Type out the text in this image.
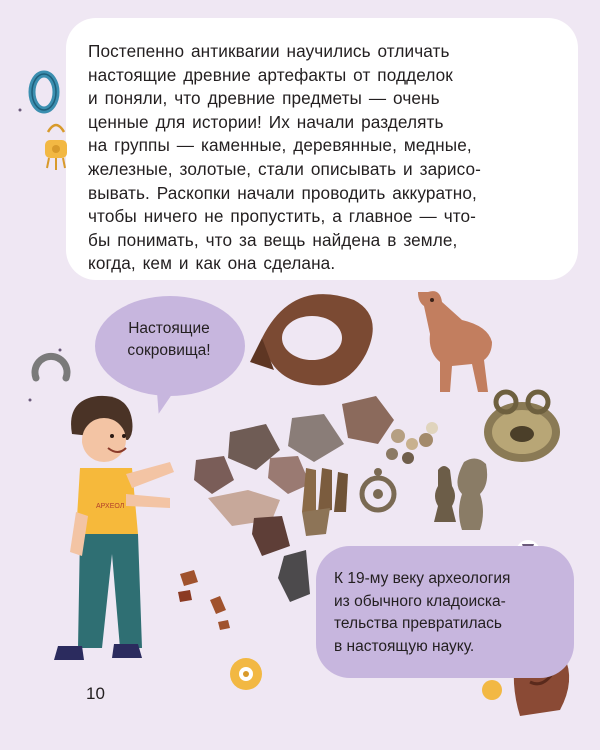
Постепенно антиквarии научились отличать
настоящие древние артефакты от подделок
и поняли, что древние предметы — очень
ценные для истории! Их начали разделять
на группы — каменные, деревянные, медные,
железные, золотые, стали описывать и зарисо-
вывать. Раскопки начали проводить аккуратно,
чтобы ничего не пропустить, а главное — что-
бы понимать, что за вещь найдена в земле,
когда, кем и как она сделана.
АРХЕОЛ
Настоящие
сокровища!
К 19-му веку археология
из обычного кладоиска-
тельства превратилась
в настоящую науку.
10
